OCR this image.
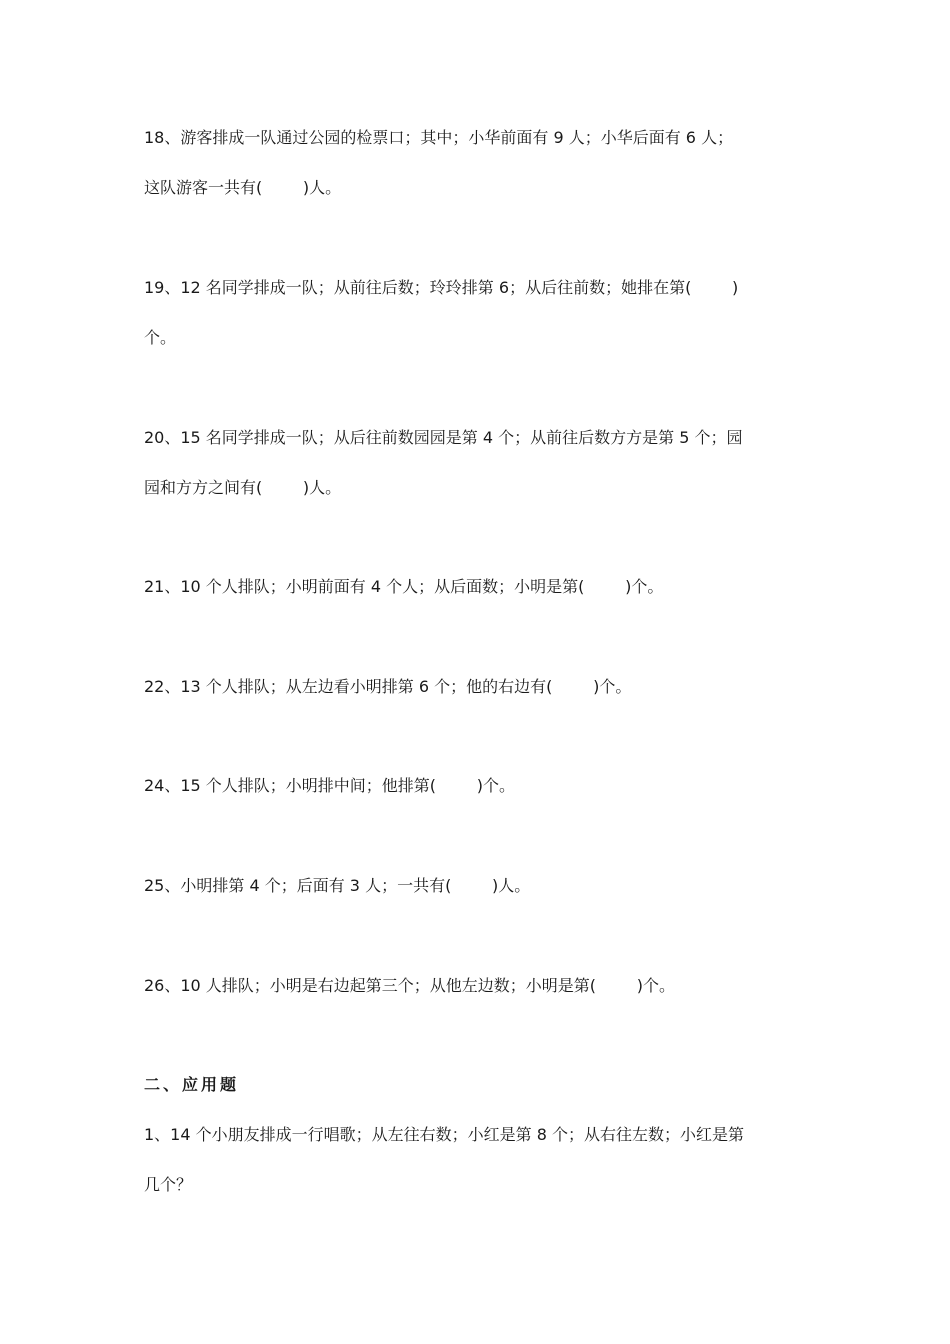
18、游客排成一队通过公园的检票口；其中；小华前面有 9 人；小华后面有 6 人；
这队游客一共有(        )人。
19、12 名同学排成一队；从前往后数；玲玲排第 6；从后往前数；她排在第(        )
个。
20、15 名同学排成一队；从后往前数园园是第 4 个；从前往后数方方是第 5 个；园
园和方方之间有(        )人。
21、10 个人排队；小明前面有 4 个人；从后面数；小明是第(        )个。
22、13 个人排队；从左边看小明排第 6 个；他的右边有(        )个。
24、15 个人排队；小明排中间；他排第(        )个。
25、小明排第 4 个；后面有 3 人；一共有(        )人。
26、10 人排队；小明是右边起第三个；从他左边数；小明是第(        )个。
二、应用题
1、14 个小朋友排成一行唱歌；从左往右数；小红是第 8 个；从右往左数；小红是第
几个？
